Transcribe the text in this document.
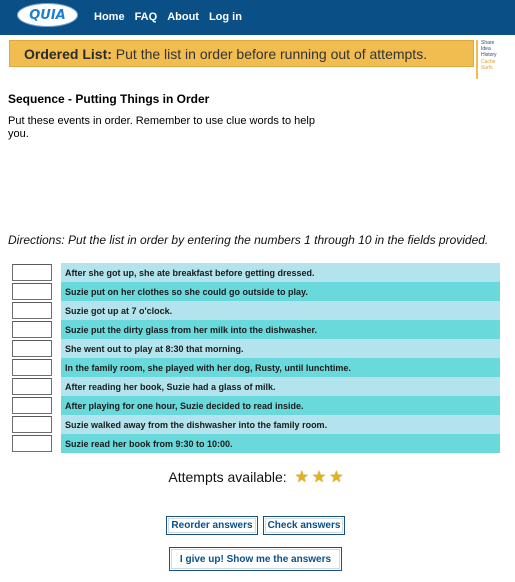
QUIA	Home FAQ About Log in
Ordered List:
Put the list in order before running out of attempts.
Share
Idea
History
Cache
Surfs
Sequence - Putting Things in Order
Put these events in order. Remember to use clue words to help you.
Directions: Put the list in order by entering the numbers 1 through 10 in the fields provided.
After she got up, she ate breakfast before getting dressed.
Suzie put on her clothes so she could go outside to play.
Suzie got up at 7 o'clock.
Suzie put the dirty glass from her milk into the dishwasher.
She went out to play at 8:30 that morning.
In the family room, she played with her dog, Rusty, until lunchtime.
After reading her book, Suzie had a glass of milk.
After playing for one hour, Suzie decided to read inside.
Suzie walked away from the dishwasher into the family room.
Suzie read her book from 9:30 to 10:00.
Attempts available: ★★★
Reorder answers	Check answers
I give up! Show me the answers
